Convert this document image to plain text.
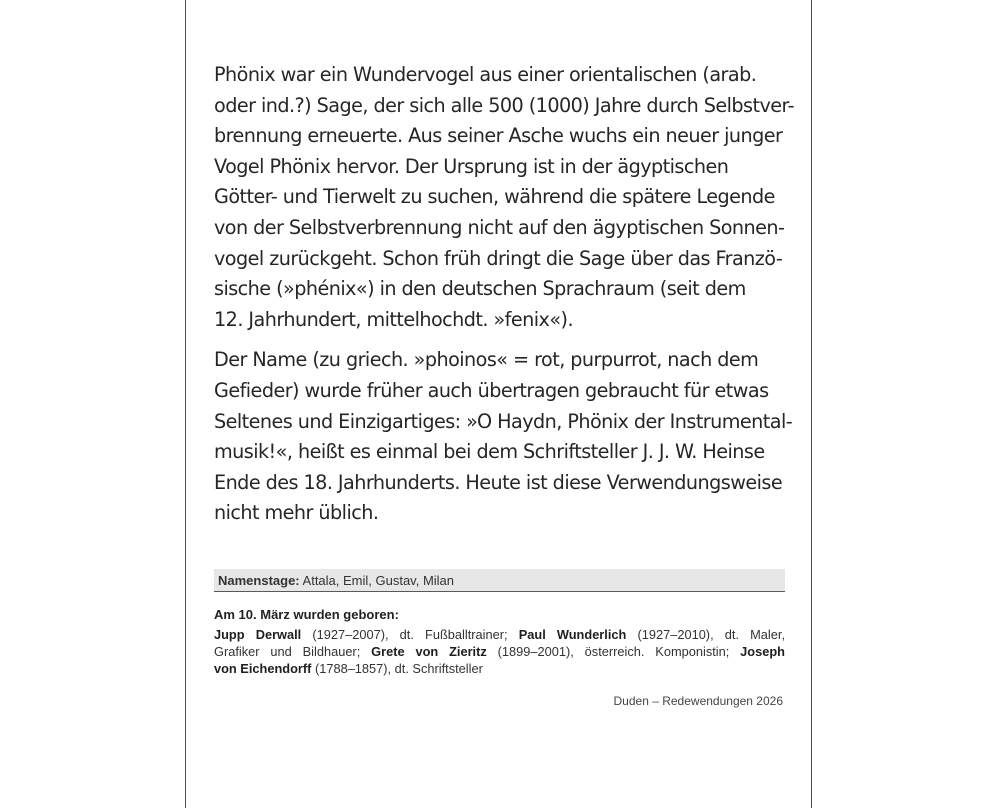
Phönix war ein Wundervogel aus einer orientalischen (arab.
oder ind.?) Sage, der sich alle 500 (1000) Jahre durch Selbstver-
brennung erneuerte. Aus seiner Asche wuchs ein neuer junger
Vogel Phönix hervor. Der Ursprung ist in der ägyptischen
Götter- und Tierwelt zu suchen, während die spätere Legende
von der Selbstverbrennung nicht auf den ägyptischen Sonnen-
vogel zurückgeht. Schon früh dringt die Sage über das Franzö-
sische (»phénix«) in den deutschen Sprachraum (seit dem
12. Jahrhundert, mittelhochdt. »fenix«).

Der Name (zu griech. »phoinos« = rot, purpurrot, nach dem
Gefieder) wurde früher auch übertragen gebraucht für etwas
Seltenes und Einzigartiges: »O Haydn, Phönix der Instrumental-
musik!«, heißt es einmal bei dem Schriftsteller J. J. W. Heinse
Ende des 18. Jahrhunderts. Heute ist diese Verwendungsweise
nicht mehr üblich.

Namenstage: Attala, Emil, Gustav, Milan
Am 10. März wurden geboren:
Jupp Derwall (1927–2007), dt. Fußballtrainer; Paul Wunderlich (1927–2010), dt. Maler,
Grafiker und Bildhauer; Grete von Zieritz (1899–2001), österreich. Komponistin; Joseph
von Eichendorff (1788–1857), dt. Schriftsteller
Duden – Redewendungen 2026
